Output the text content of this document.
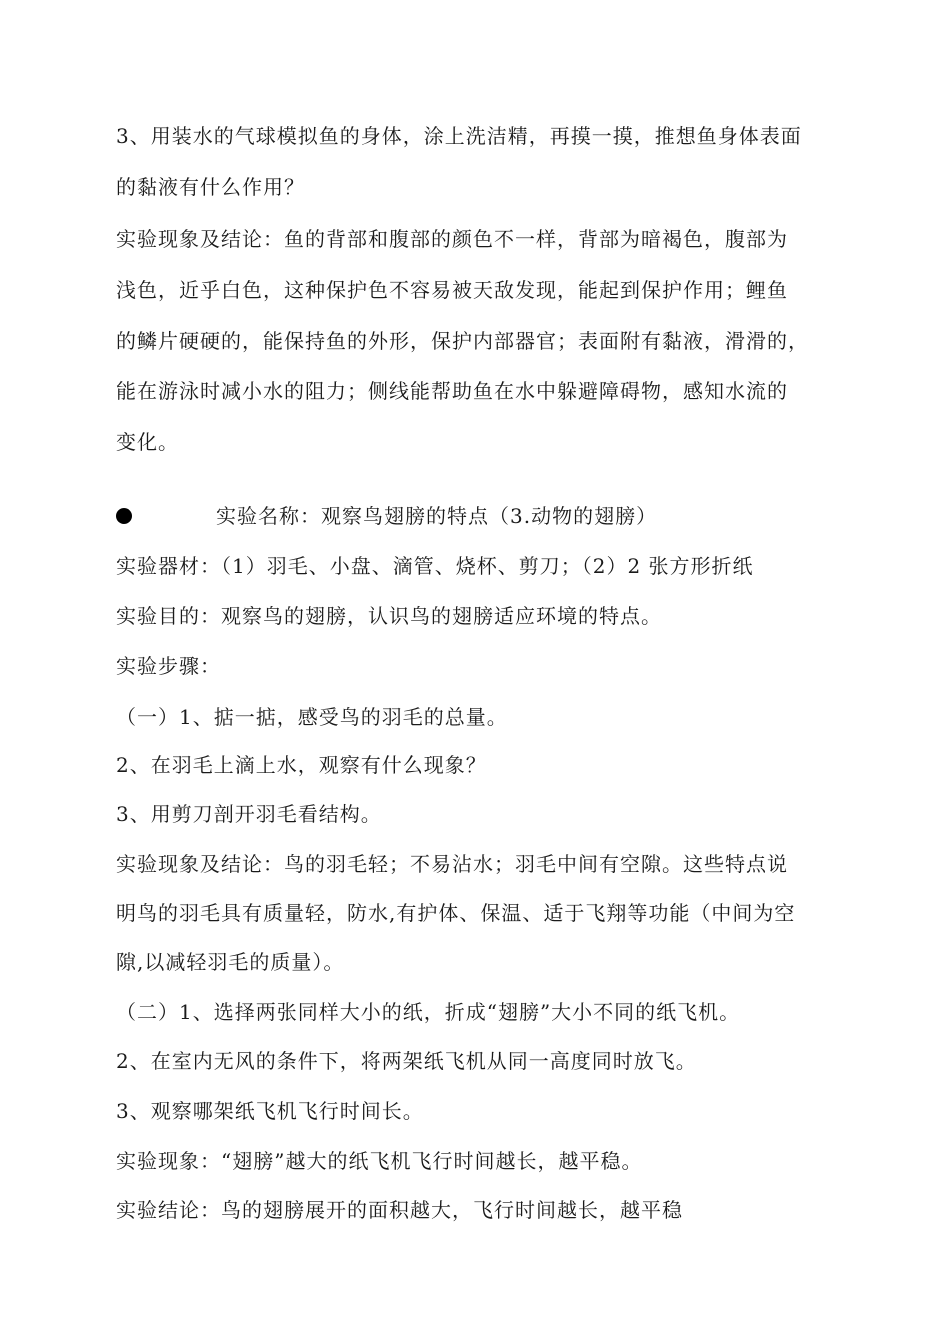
3、用装水的气球模拟鱼的身体，涂上洗洁精，再摸一摸，推想鱼身体表面
的黏液有什么作用？
实验现象及结论：鱼的背部和腹部的颜色不一样，背部为暗褐色，腹部为
浅色，近乎白色，这种保护色不容易被天敌发现，能起到保护作用；鲤鱼
的鳞片硬硬的，能保持鱼的外形，保护内部器官；表面附有黏液，滑滑的，
能在游泳时减小水的阻力；侧线能帮助鱼在水中躲避障碍物，感知水流的
变化。
实验名称：观察鸟翅膀的特点（3.动物的翅膀）
实验器材：（1）羽毛、小盘、滴管、烧杯、剪刀；（2）2 张方形折纸
实验目的：观察鸟的翅膀，认识鸟的翅膀适应环境的特点。
实验步骤：
（一）1、掂一掂，感受鸟的羽毛的总量。
2、在羽毛上滴上水，观察有什么现象？
3、用剪刀剖开羽毛看结构。
实验现象及结论：鸟的羽毛轻；不易沾水；羽毛中间有空隙。这些特点说
明鸟的羽毛具有质量轻，防水,有护体、保温、适于飞翔等功能（中间为空
隙,以减轻羽毛的质量）。
（二）1、选择两张同样大小的纸，折成“翅膀”大小不同的纸飞机。
2、在室内无风的条件下，将两架纸飞机从同一高度同时放飞。
3、观察哪架纸飞机飞行时间长。
实验现象：“翅膀”越大的纸飞机飞行时间越长，越平稳。
实验结论：鸟的翅膀展开的面积越大，飞行时间越长，越平稳
